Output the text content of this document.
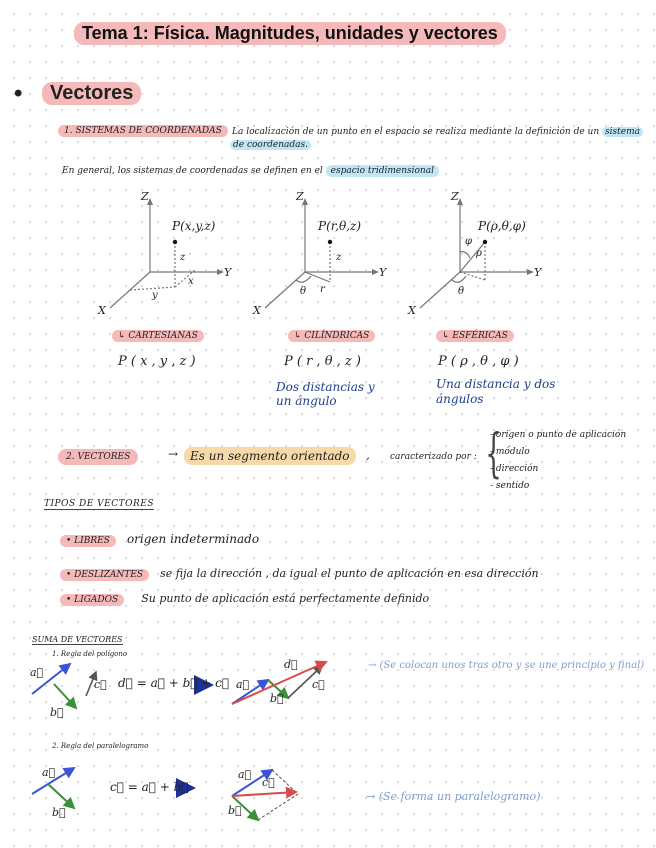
Tema 1: Física. Magnitudes, unidades y vectores
•	Vectores
1. SISTEMAS DE COORDENADAS	La localización de un punto en el espacio se realiza mediante la definición de un sistema
de coordenadas.
En general, los sistemas de coordenadas se definen en el espacio tridimensional
Z
Y
X
P(x,y,z)
z
x
y
Z
Y
X
P(r,θ,z)
z
r
θ
Z
Y
X
P(ρ,θ,φ)
ρ
φ
θ
↳ CARTESIANAS
P ( x , y , z )
↳ CILÍNDRICAS
P ( r , θ , z )
Dos distancias y
un ángulo
↳ ESFÉRICAS
P ( ρ , θ , φ )
Una distancia y dos
ángulos
2. VECTORES	→ Es un segmento orientado	, caracterizado por : {
- origen o punto de aplicación
- módulo
- dirección
- sentido
TIPOS DE VECTORES
• LIBRES origen indeterminado
• DESLIZANTES se fija la dirección , da igual el punto de aplicación en esa dirección
• LIGADOS Su punto de aplicación está perfectamente definido
SUMA DE VECTORES
1. Regla del polígono
2. Regla del paralelogramo
a⃗
b⃗
c⃗ d⃗ = a⃗ + b⃗ + c⃗ a⃗
b⃗
c⃗
d⃗	→ (Se colocan unos tras otro y se une principio y final)
a⃗
b⃗
c⃗ = a⃗ + b⃗
a⃗
c⃗
b⃗
→ (Se forma un paralelogramo)
